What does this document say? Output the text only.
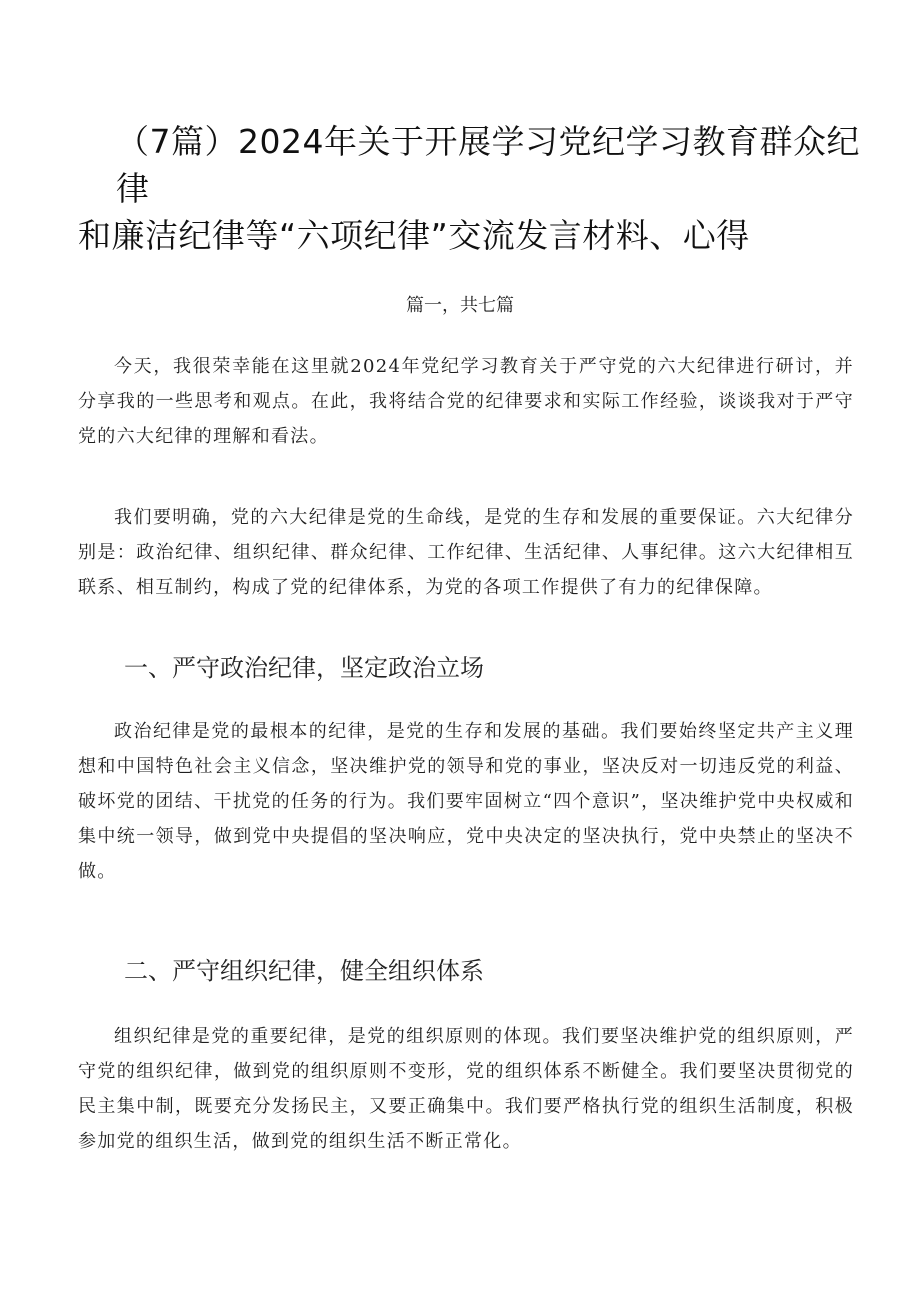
（7篇）2024年关于开展学习党纪学习教育群众纪律
和廉洁纪律等“六项纪律”交流发言材料、心得
篇一，共七篇

今天，我很荣幸能在这里就2024年党纪学习教育关于严守党的六大纪律进行研讨，并分享我的一些思考和观点。在此，我将结合党的纪律要求和实际工作经验，谈谈我对于严守党的六大纪律的理解和看法。

我们要明确，党的六大纪律是党的生命线，是党的生存和发展的重要保证。六大纪律分别是：政治纪律、组织纪律、群众纪律、工作纪律、生活纪律、人事纪律。这六大纪律相互联系、相互制约，构成了党的纪律体系，为党的各项工作提供了有力的纪律保障。

一、严守政治纪律，坚定政治立场

政治纪律是党的最根本的纪律，是党的生存和发展的基础。我们要始终坚定共产主义理想和中国特色社会主义信念，坚决维护党的领导和党的事业，坚决反对一切违反党的利益、破坏党的团结、干扰党的任务的行为。我们要牢固树立“四个意识”，坚决维护党中央权威和集中统一领导，做到党中央提倡的坚决响应，党中央决定的坚决执行，党中央禁止的坚决不做。

二、严守组织纪律，健全组织体系

组织纪律是党的重要纪律，是党的组织原则的体现。我们要坚决维护党的组织原则，严守党的组织纪律，做到党的组织原则不变形，党的组织体系不断健全。我们要坚决贯彻党的民主集中制，既要充分发扬民主，又要正确集中。我们要严格执行党的组织生活制度，积极参加党的组织生活，做到党的组织生活不断正常化。
